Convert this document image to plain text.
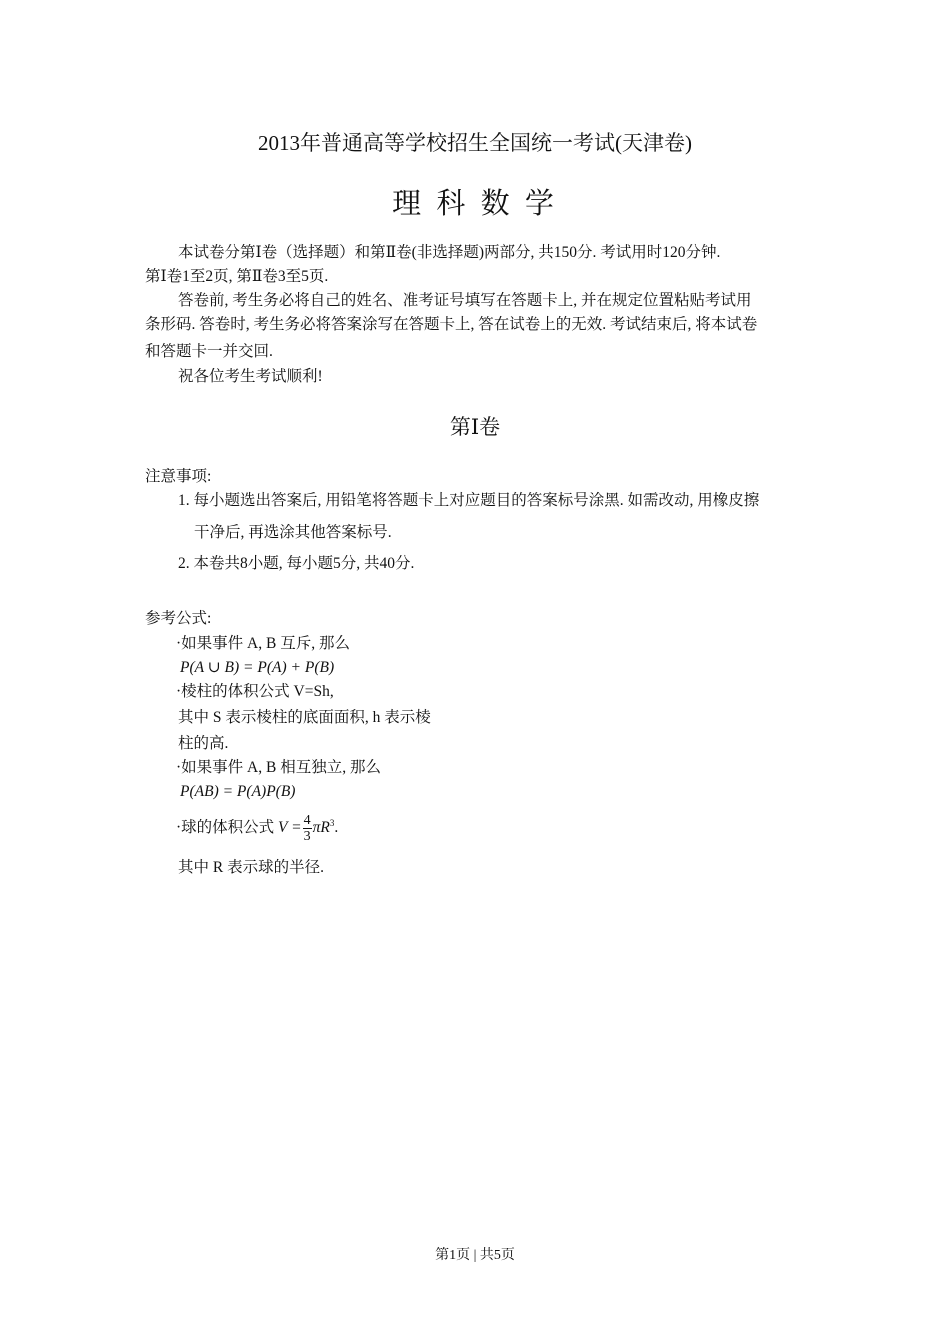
2013年普通高等学校招生全国统一考试(天津卷)
理 科 数 学
本试卷分第Ⅰ卷（选择题）和第Ⅱ卷(非选择题)两部分, 共150分. 考试用时120分钟.
第Ⅰ卷1至2页, 第Ⅱ卷3至5页.
答卷前, 考生务必将自己的姓名、准考证号填写在答题卡上, 并在规定位置粘贴考试用
条形码. 答卷时, 考生务必将答案涂写在答题卡上, 答在试卷上的无效. 考试结束后, 将本试卷
和答题卡一并交回.
祝各位考生考试顺利!
第Ⅰ卷
注意事项:
1. 每小题选出答案后, 用铅笔将答题卡上对应题目的答案标号涂黑. 如需改动, 用橡皮擦
干净后, 再选涂其他答案标号.
2. 本卷共8小题, 每小题5分, 共40分.
参考公式:
·如果事件 A, B 互斥, 那么
P(A ∪ B) = P(A) + P(B)
·棱柱的体积公式 V=Sh,
其中 S 表示棱柱的底面面积, h 表示棱
柱的高.
·如果事件 A, B 相互独立, 那么
P(AB) = P(A)P(B)
·球的体积公式 $V = \frac{4}{3} \pi R^3$.
其中 R 表示球的半径.
第1页 | 共5页
